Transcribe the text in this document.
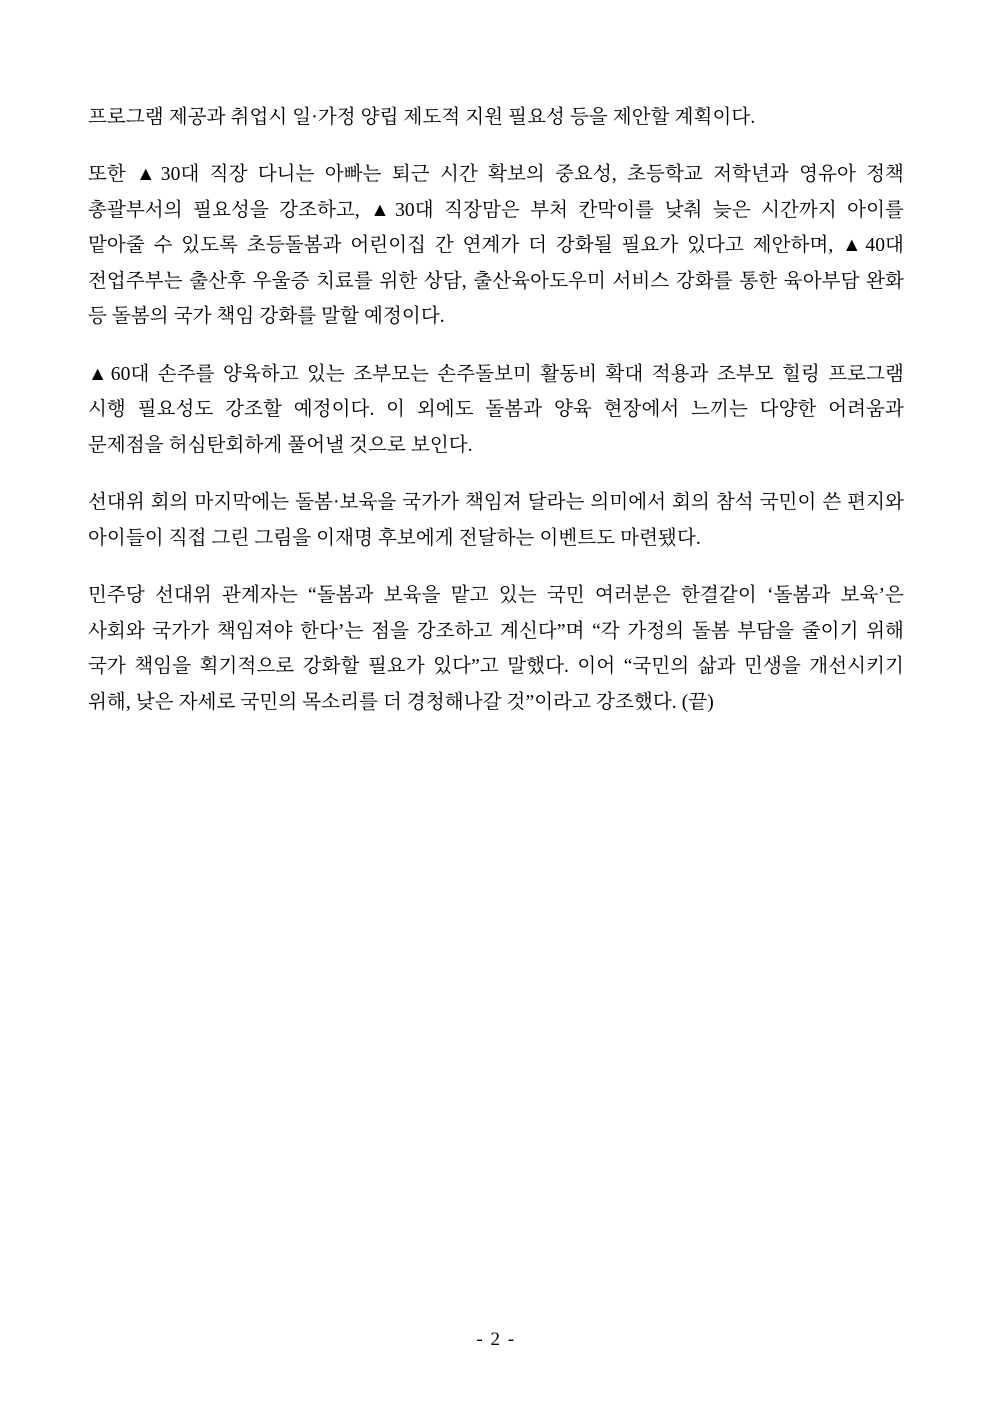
프로그램 제공과 취업시 일·가정 양립 제도적 지원 필요성 등을 제안할 계획이다.

또한 ▲30대 직장 다니는 아빠는 퇴근 시간 확보의 중요성, 초등학교 저학년과 영유아 정책 총괄부서의 필요성을 강조하고, ▲30대 직장맘은 부처 칸막이를 낮춰 늦은 시간까지 아이를 맡아줄 수 있도록 초등돌봄과 어린이집 간 연계가 더 강화될 필요가 있다고 제안하며, ▲40대 전업주부는 출산후 우울증 치료를 위한 상담, 출산육아도우미 서비스 강화를 통한 육아부담 완화 등 돌봄의 국가 책임 강화를 말할 예정이다.

▲60대 손주를 양육하고 있는 조부모는 손주돌보미 활동비 확대 적용과 조부모 힐링 프로그램 시행 필요성도 강조할 예정이다. 이 외에도 돌봄과 양육 현장에서 느끼는 다양한 어려움과 문제점을 허심탄회하게 풀어낼 것으로 보인다.

선대위 회의 마지막에는 돌봄·보육을 국가가 책임져 달라는 의미에서 회의 참석 국민이 쓴 편지와 아이들이 직접 그린 그림을 이재명 후보에게 전달하는 이벤트도 마련됐다.

민주당 선대위 관계자는 “돌봄과 보육을 맡고 있는 국민 여러분은 한결같이 ‘돌봄과 보육’은 사회와 국가가 책임져야 한다’는 점을 강조하고 계신다”며 “각 가정의 돌봄 부담을 줄이기 위해 국가 책임을 획기적으로 강화할 필요가 있다”고 말했다. 이어 “국민의 삶과 민생을 개선시키기 위해, 낮은 자세로 국민의 목소리를 더 경청해나갈 것”이라고 강조했다. (끝)

- 2 -
